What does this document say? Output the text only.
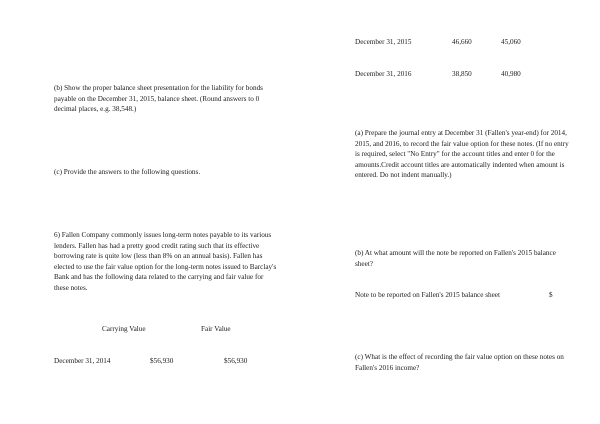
(b) Show the proper balance sheet presentation for the liability for bonds payable on the December 31, 2015, balance sheet. (Round answers to 0 decimal places, e.g. 38,548.)

(c) Provide the answers to the following questions.

6) Fallen Company commonly issues long-term notes payable to its various lenders. Fallen has had a pretty good credit rating such that its effective borrowing rate is quite low (less than 8% on an annual basis). Fallen has elected to use the fair value option for the long-term notes issued to Barclay's Bank and has the following data related to the carrying and fair value for these notes.

Carrying Value	Fair Value
December 31, 2014	$56,930	$56,930
December 31, 2015	46,660	45,060
December 31, 2016	38,850	40,980

(a) Prepare the journal entry at December 31 (Fallen's year-end) for 2014, 2015, and 2016, to record the fair value option for these notes. (If no entry is required, select "No Entry" for the account titles and enter 0 for the amounts.Credit account titles are automatically indented when amount is entered. Do not indent manually.)

(b) At what amount will the note be reported on Fallen's 2015 balance sheet?

Note to be reported on Fallen's 2015 balance sheet	$

(c) What is the effect of recording the fair value option on these notes on Fallen's 2016 income?
